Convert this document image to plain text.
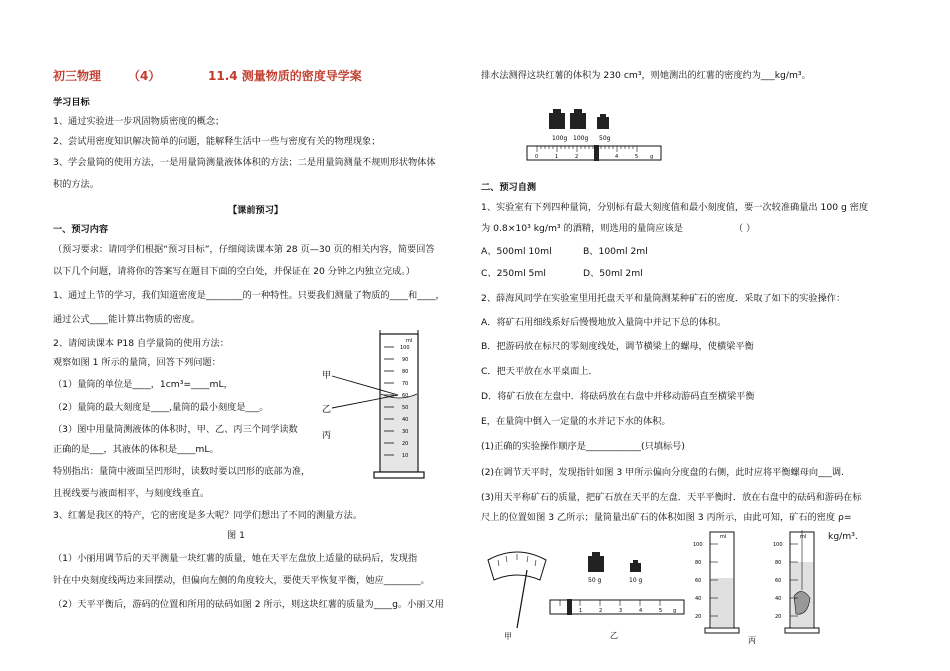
初三物理 （4）	11.4 测量物质的密度导学案
学习目标
1、通过实验进一步巩固物质密度的概念；
2、尝试用密度知识解决简单的问题，能解释生活中一些与密度有关的物理现象；
3、学会量筒的使用方法，一是用量筒测量液体体积的方法；二是用量筒测量不规则形状物体体
积的方法。
【课前预习】
一、预习内容
（预习要求：请同学们根据“预习目标”，仔细阅读课本第 28 页—30 页的相关内容，简要回答
以下几个问题，请将你的答案写在题目下面的空白处，并保证在 20 分钟之内独立完成。）
1、通过上节的学习，我们知道密度是________的一种特性。只要我们测量了物质的____和____，
通过公式____能计算出物质的密度。
2、请阅读课本 P18 自学量筒的使用方法：
观察如图 1 所示的量筒，回答下列问题：
（1）量筒的单位是____，1cm³=____mL，
（2）量筒的最大刻度是____,量筒的最小刻度是___。
（3）图中用量筒测液体的体积时，甲、乙、丙三个同学读数
正确的是___，其液体的体积是____mL。
特别指出：量筒中液面呈凹形时，读数时要以凹形的底部为准，
且视线要与液面相平，与刻度线垂直。
3、红薯是我区的特产，它的密度是多大呢？同学们想出了不同的测量方法。
图 1
（1）小丽用调节后的天平测量一块红薯的质量，她在天平左盘放上适量的砝码后，发现指
针在中央刻度线两边来回摆动，但偏向左侧的角度较大，要使天平恢复平衡，她应________。
（2）天平平衡后，游码的位置和所用的砝码如图 2 所示，则这块红薯的质量为____g。小丽又用
ml
100
90
80
70
60
50
40
30
20
10
甲
乙
丙
排水法测得这块红薯的体积为 230 cm³，则她测出的红薯的密度约为___kg/m³。
二、预习自测
1、实验室有下列四种量筒，分别标有最大刻度值和最小刻度值，要一次较准确量出 100 g 密度
为 0.8×10³ kg/m³ 的酒精，则选用的量筒应该是	（ ）
A、500ml 10ml	B、100ml 2ml
C、250ml 5ml	D、50ml 2ml
2、薛海风同学在实验室里用托盘天平和量筒测某种矿石的密度．采取了如下的实验操作：
A．将矿石用细线系好后慢慢地放入量筒中并记下总的体积。
B．把游码放在标尺的零刻度线处，调节横梁上的螺母，使横梁平衡
C．把天平放在水平桌面上．
D．将矿石放在左盘中．将砝码放在右盘中并移动游码直至横梁平衡
E，在量筒中倒入一定量的水并记下水的体积。
(1)正确的实验操作顺序是____________(只填标号)
(2)在调节天平时，发现指针如图 3 甲所示偏向分度盘的右侧，此时应将平衡螺母向___调.
(3)用天平称矿石的质量，把矿石放在天平的左盘．天平平衡时．放在右盘中的砝码和游码在标
尺上的位置如图 3 乙所示；量筒量出矿石的体积如图 3 丙所示，由此可知，矿石的密度 ρ=
kg/m³.
100g 100g 50g
0	1	2	4	5 g
甲
50 g	10 g
1	2	3	4	5 g
乙
ml
100
80
60
40
20
ml
100
80
60
40
20
丙
